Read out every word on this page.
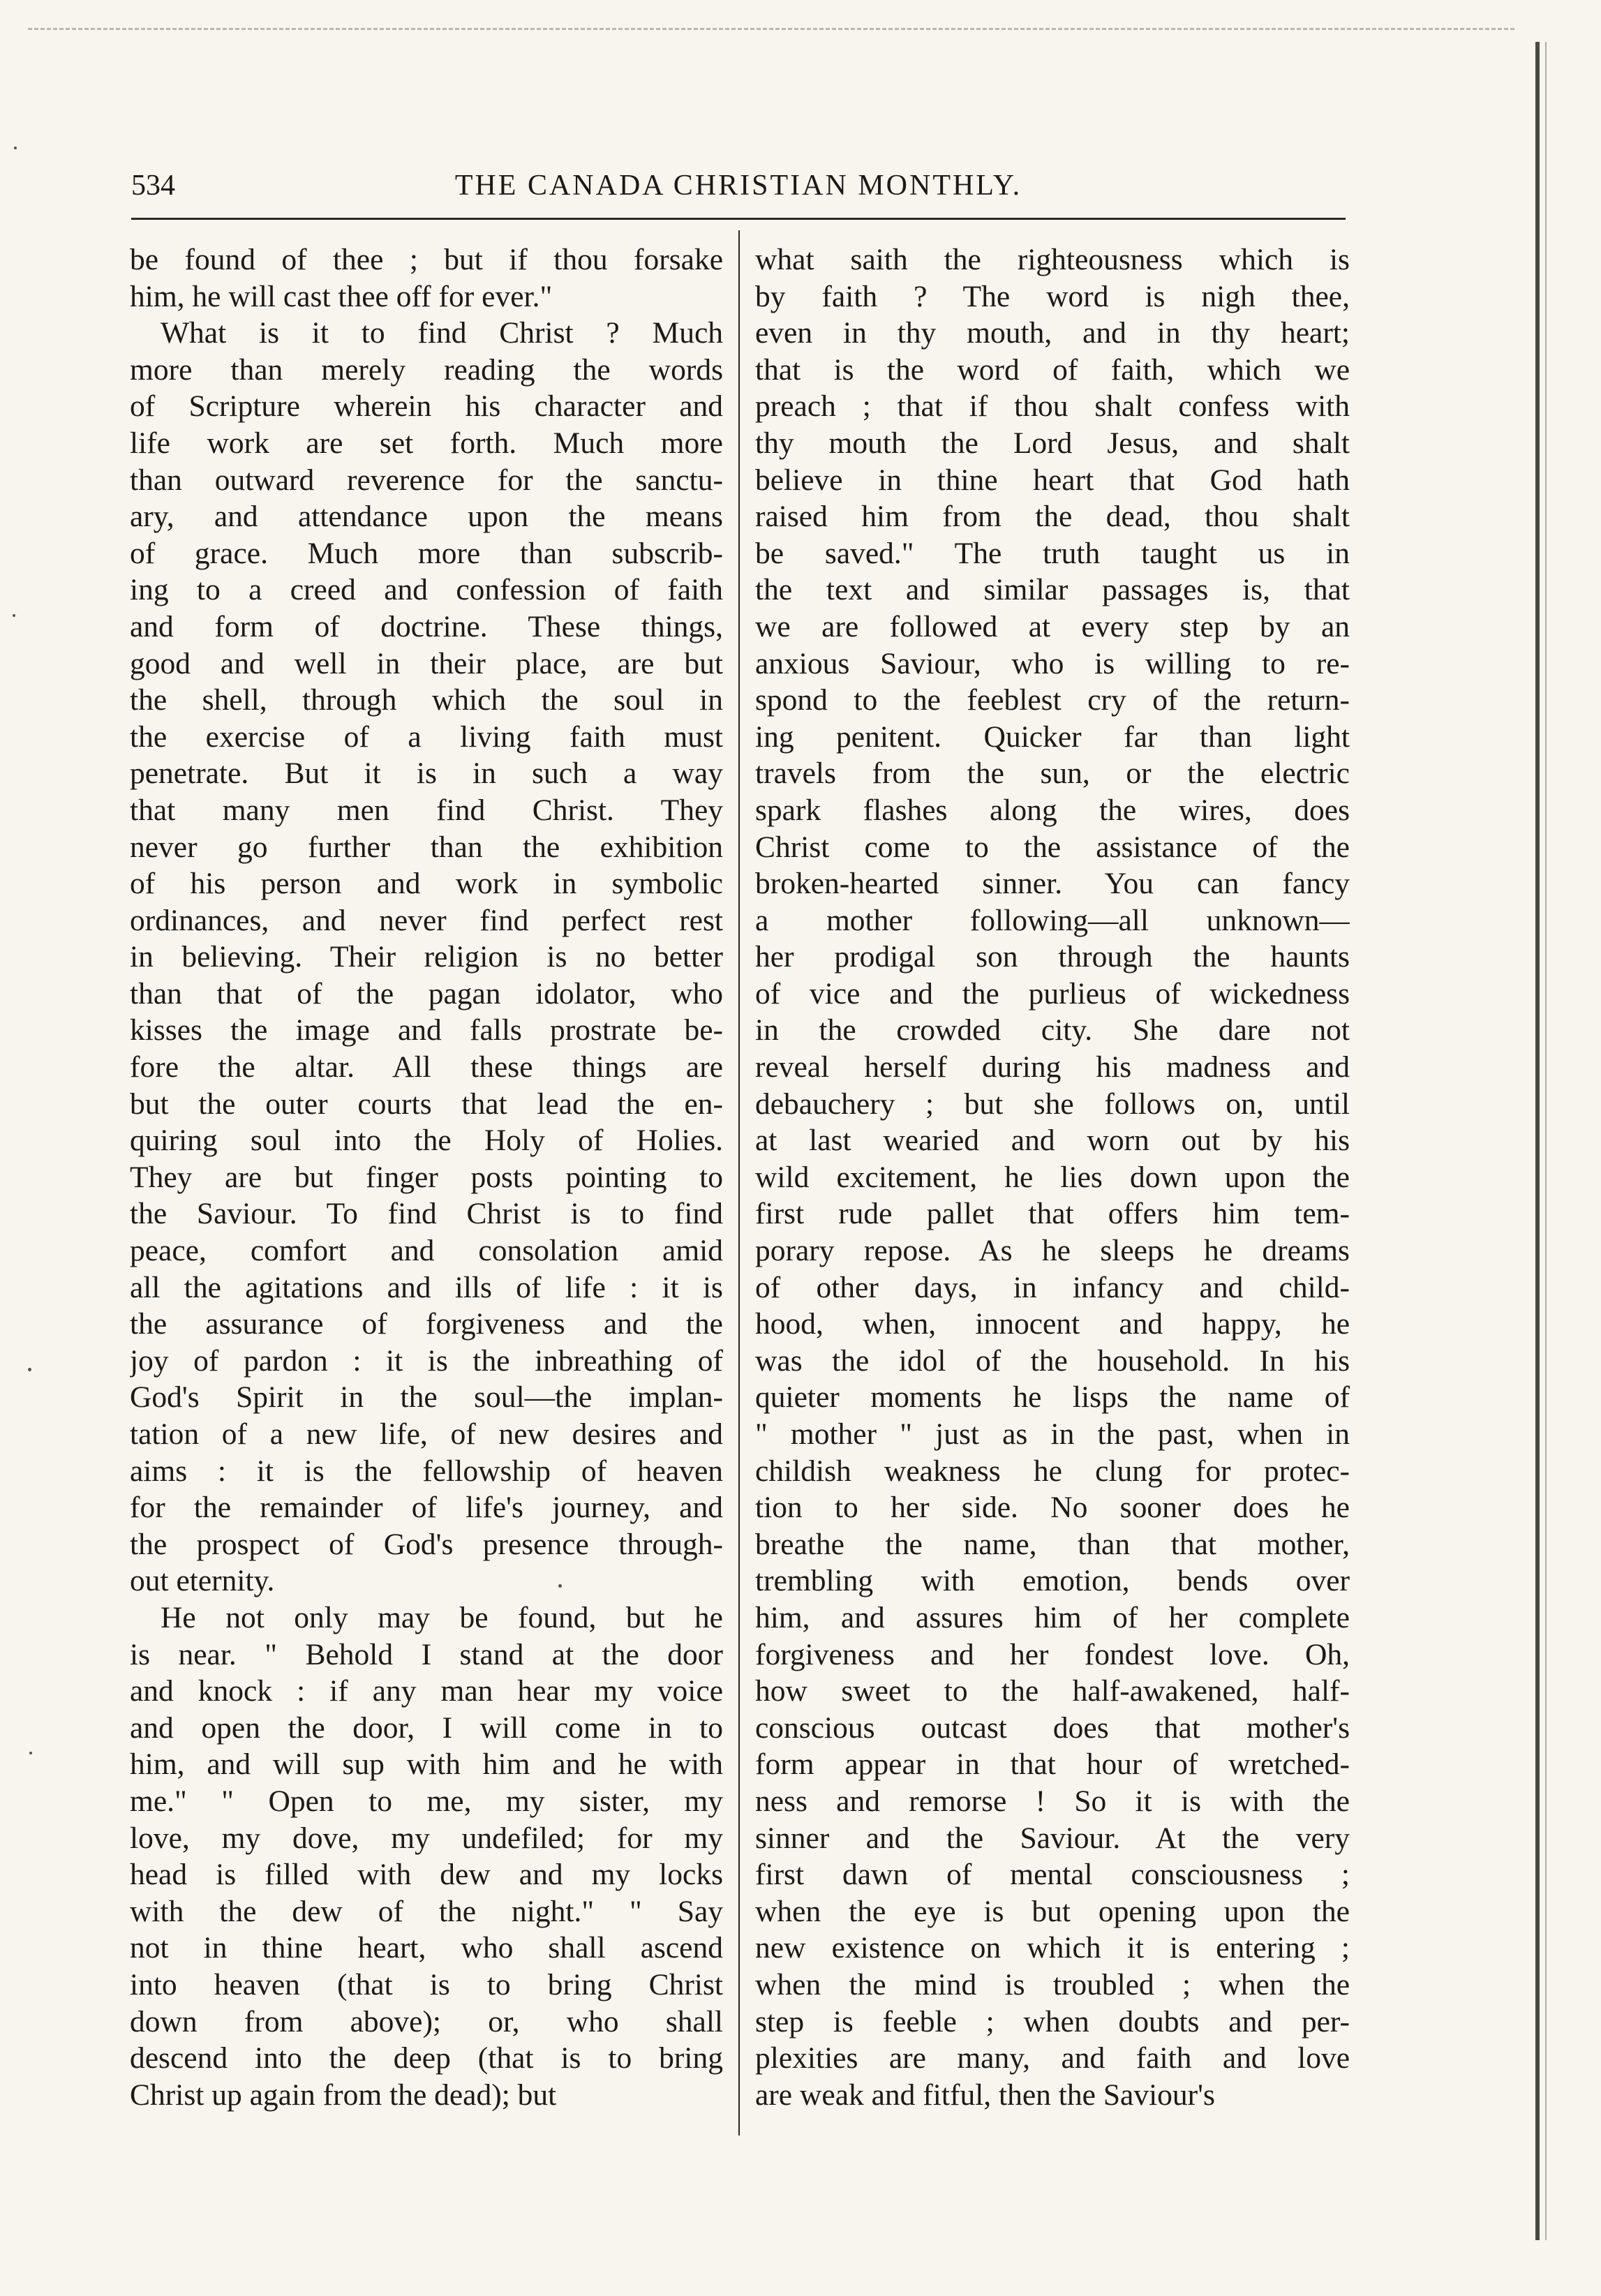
534	THE CANADA CHRISTIAN MONTHLY.
be found of thee ; but if thou forsake
him, he will cast thee off for ever."
What is it to find Christ ? Much
more than merely reading the words
of Scripture wherein his character and
life work are set forth. Much more
than outward reverence for the sanctu-
ary, and attendance upon the means
of grace. Much more than subscrib-
ing to a creed and confession of faith
and form of doctrine. These things,
good and well in their place, are but
the shell, through which the soul in
the exercise of a living faith must
penetrate. But it is in such a way
that many men find Christ. They
never go further than the exhibition
of his person and work in symbolic
ordinances, and never find perfect rest
in believing. Their religion is no better
than that of the pagan idolator, who
kisses the image and falls prostrate be-
fore the altar. All these things are
but the outer courts that lead the en-
quiring soul into the Holy of Holies.
They are but finger posts pointing to
the Saviour. To find Christ is to find
peace, comfort and consolation amid
all the agitations and ills of life : it is
the assurance of forgiveness and the
joy of pardon : it is the inbreathing of
God's Spirit in the soul—the implan-
tation of a new life, of new desires and
aims : it is the fellowship of heaven
for the remainder of life's journey, and
the prospect of God's presence through-
out eternity.
He not only may be found, but he
is near. " Behold I stand at the door
and knock : if any man hear my voice
and open the door, I will come in to
him, and will sup with him and he with
me." " Open to me, my sister, my
love, my dove, my undefiled; for my
head is filled with dew and my locks
with the dew of the night." " Say
not in thine heart, who shall ascend
into heaven (that is to bring Christ
down from above); or, who shall
descend into the deep (that is to bring
Christ up again from the dead); but
what saith the righteousness which is
by faith ? The word is nigh thee,
even in thy mouth, and in thy heart;
that is the word of faith, which we
preach ; that if thou shalt confess with
thy mouth the Lord Jesus, and shalt
believe in thine heart that God hath
raised him from the dead, thou shalt
be saved." The truth taught us in
the text and similar passages is, that
we are followed at every step by an
anxious Saviour, who is willing to re-
spond to the feeblest cry of the return-
ing penitent. Quicker far than light
travels from the sun, or the electric
spark flashes along the wires, does
Christ come to the assistance of the
broken-hearted sinner. You can fancy
a mother following—all unknown—
her prodigal son through the haunts
of vice and the purlieus of wickedness
in the crowded city. She dare not
reveal herself during his madness and
debauchery ; but she follows on, until
at last wearied and worn out by his
wild excitement, he lies down upon the
first rude pallet that offers him tem-
porary repose. As he sleeps he dreams
of other days, in infancy and child-
hood, when, innocent and happy, he
was the idol of the household. In his
quieter moments he lisps the name of
" mother " just as in the past, when in
childish weakness he clung for protec-
tion to her side. No sooner does he
breathe the name, than that mother,
trembling with emotion, bends over
him, and assures him of her complete
forgiveness and her fondest love. Oh,
how sweet to the half-awakened, half-
conscious outcast does that mother's
form appear in that hour of wretched-
ness and remorse ! So it is with the
sinner and the Saviour. At the very
first dawn of mental consciousness ;
when the eye is but opening upon the
new existence on which it is entering ;
when the mind is troubled ; when the
step is feeble ; when doubts and per-
plexities are many, and faith and love
are weak and fitful, then the Saviour's
